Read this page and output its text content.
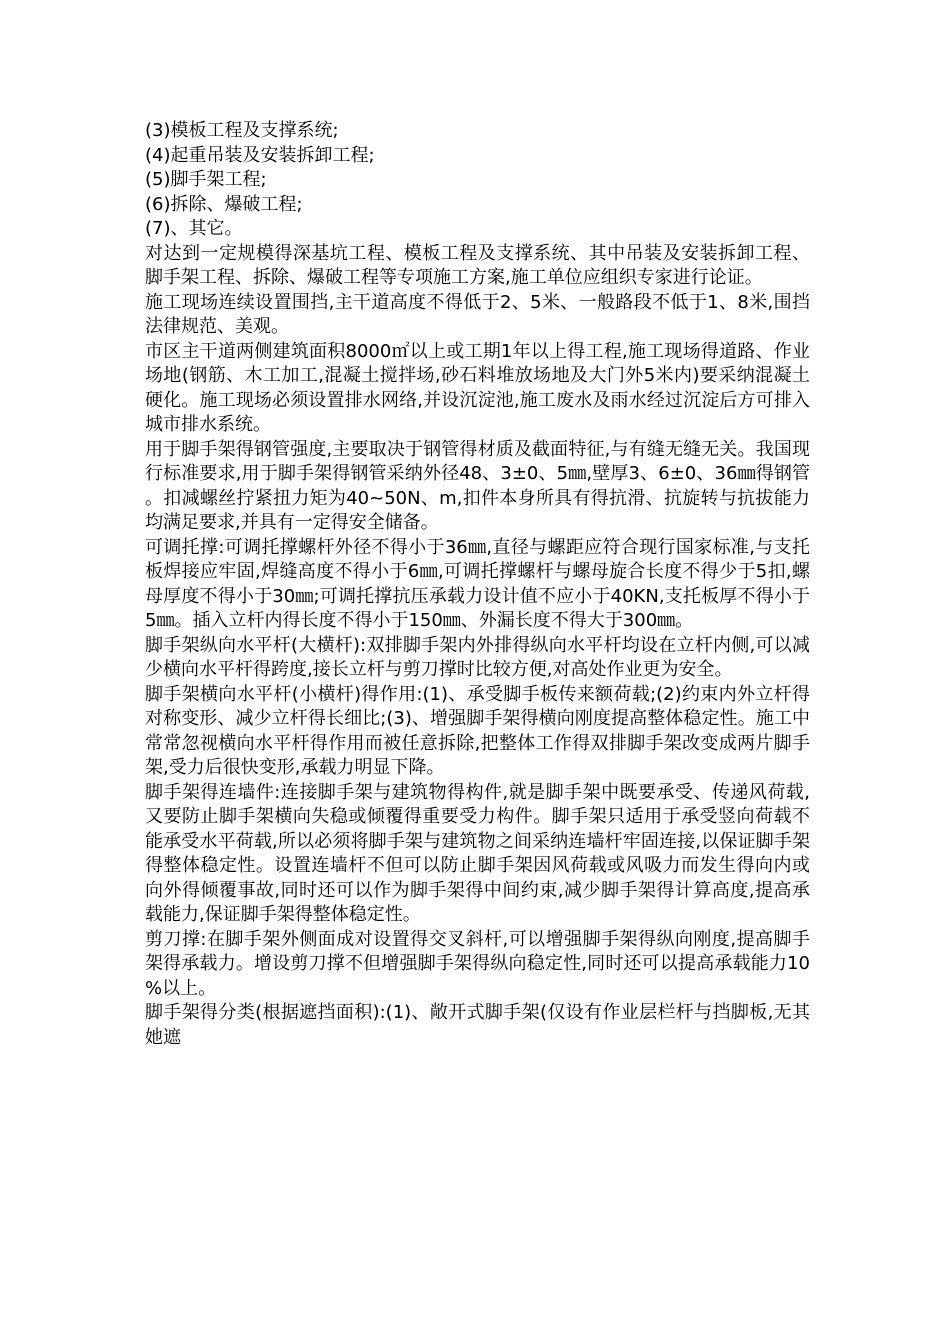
(3)模板工程及支撑系统;

(4)起重吊装及安装拆卸工程;

(5)脚手架工程;

(6)拆除、爆破工程;

(7)、其它。

对达到一定规模得深基坑工程、模板工程及支撑系统、其中吊装及安装拆卸工程、脚手架工程、拆除、爆破工程等专项施工方案,施工单位应组织专家进行论证。

施工现场连续设置围挡,主干道高度不得低于2、5米、一般路段不低于1、8米,围挡法律规范、美观。

市区主干道两侧建筑面积8000㎡以上或工期1年以上得工程,施工现场得道路、作业场地(钢筋、木工加工,混凝土搅拌场,砂石料堆放场地及大门外5米内)要采纳混凝土硬化。施工现场必须设置排水网络,并设沉淀池,施工废水及雨水经过沉淀后方可排入城市排水系统。

用于脚手架得钢管强度,主要取决于钢管得材质及截面特征,与有缝无缝无关。我国现行标准要求,用于脚手架得钢管采纳外径48、3±0、5㎜,壁厚3、6±0、36㎜得钢管。扣减螺丝拧紧扭力矩为40~50N、m,扣件本身所具有得抗滑、抗旋转与抗拔能力均满足要求,并具有一定得安全储备。

可调托撑:可调托撑螺杆外径不得小于36㎜,直径与螺距应符合现行国家标准,与支托板焊接应牢固,焊缝高度不得小于6㎜,可调托撑螺杆与螺母旋合长度不得少于5扣,螺母厚度不得小于30㎜;可调托撑抗压承载力设计值不应小于40KN,支托板厚不得小于5㎜。插入立杆内得长度不得小于150㎜、外漏长度不得大于300㎜。

脚手架纵向水平杆(大横杆):双排脚手架内外排得纵向水平杆均设在立杆内侧,可以减少横向水平杆得跨度,接长立杆与剪刀撑时比较方便,对高处作业更为安全。

脚手架横向水平杆(小横杆)得作用:(1)、承受脚手板传来额荷载;(2)约束内外立杆得对称变形、减少立杆得长细比;(3)、增强脚手架得横向刚度提高整体稳定性。施工中常常忽视横向水平杆得作用而被任意拆除,把整体工作得双排脚手架改变成两片脚手架,受力后很快变形,承载力明显下降。

脚手架得连墙件:连接脚手架与建筑物得构件,就是脚手架中既要承受、传递风荷载,又要防止脚手架横向失稳或倾覆得重要受力构件。脚手架只适用于承受竖向荷载不能承受水平荷载,所以必须将脚手架与建筑物之间采纳连墙杆牢固连接,以保证脚手架得整体稳定性。设置连墙杆不但可以防止脚手架因风荷载或风吸力而发生得向内或向外得倾覆事故,同时还可以作为脚手架得中间约束,减少脚手架得计算高度,提高承载能力,保证脚手架得整体稳定性。

剪刀撑:在脚手架外侧面成对设置得交叉斜杆,可以增强脚手架得纵向刚度,提高脚手架得承载力。增设剪刀撑不但增强脚手架得纵向稳定性,同时还可以提高承载能力10%以上。

脚手架得分类(根据遮挡面积):(1)、敞开式脚手架(仅设有作业层栏杆与挡脚板,无其她遮
